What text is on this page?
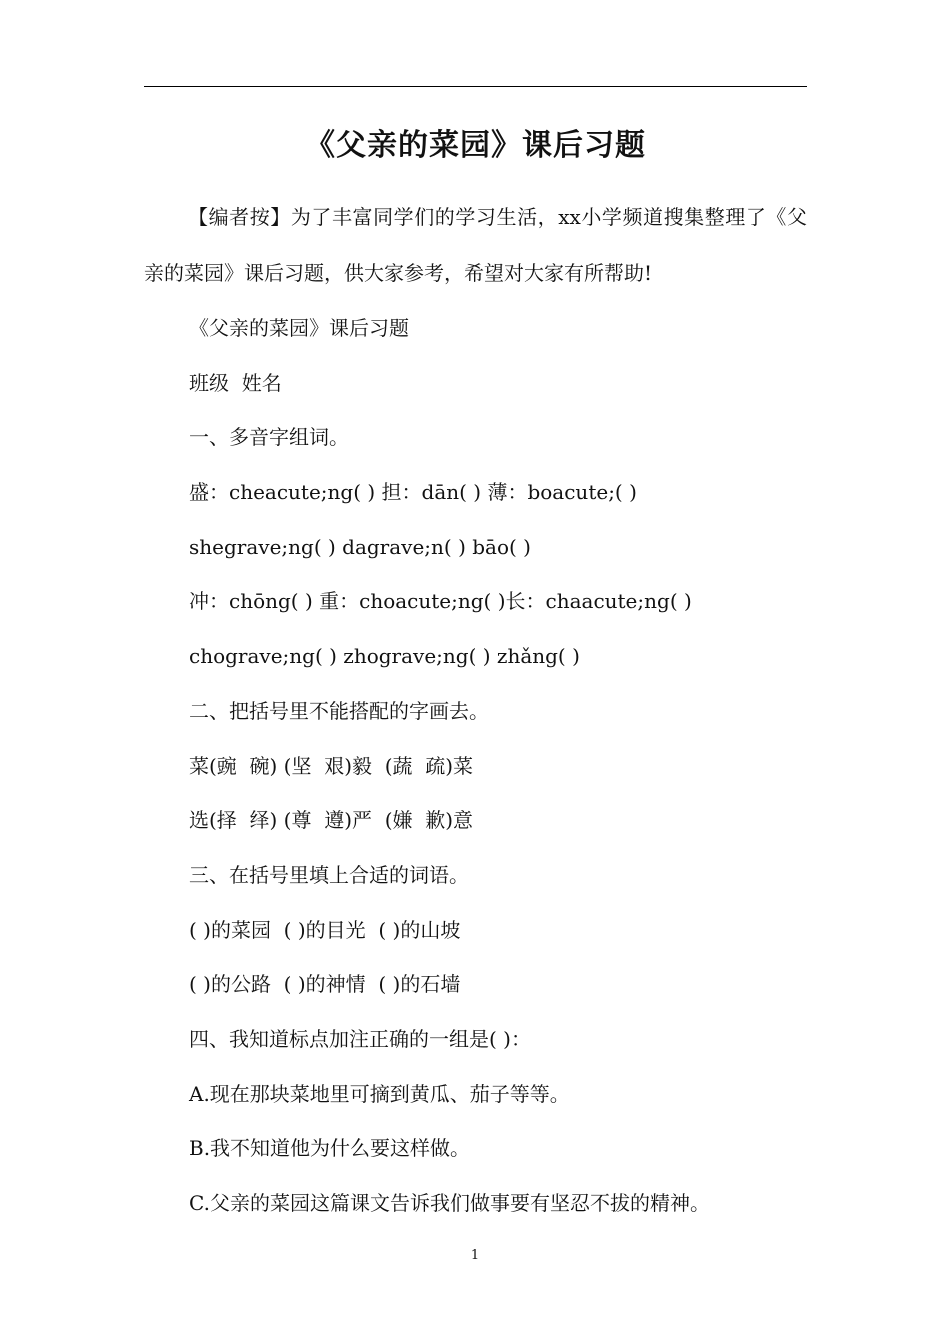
《父亲的菜园》课后习题

【编者按】为了丰富同学们的学习生活，xx小学频道搜集整理了《父亲的菜园》课后习题，供大家参考，希望对大家有所帮助!

《父亲的菜园》课后习题
班级  姓名
一、多音字组词。
盛：cheacute;ng( ) 担：dān( ) 薄：boacute;( )
shegrave;ng( ) dagrave;n( ) bāo( )
冲：chōng( ) 重：choacute;ng( )长：chaacute;ng( )
chograve;ng( ) zhograve;ng( ) zhǎng( )
二、把括号里不能搭配的字画去。
菜(豌  碗) (坚  艰)毅  (蔬  疏)菜
选(择  绎) (尊  遵)严  (嫌  歉)意
三、在括号里填上合适的词语。
( )的菜园  ( )的目光  ( )的山坡
( )的公路  ( )的神情  ( )的石墙
四、我知道标点加注正确的一组是( )：
A.现在那块菜地里可摘到黄瓜、茄子等等。
B.我不知道他为什么要这样做。
C.父亲的菜园这篇课文告诉我们做事要有坚忍不拔的精神。
1
